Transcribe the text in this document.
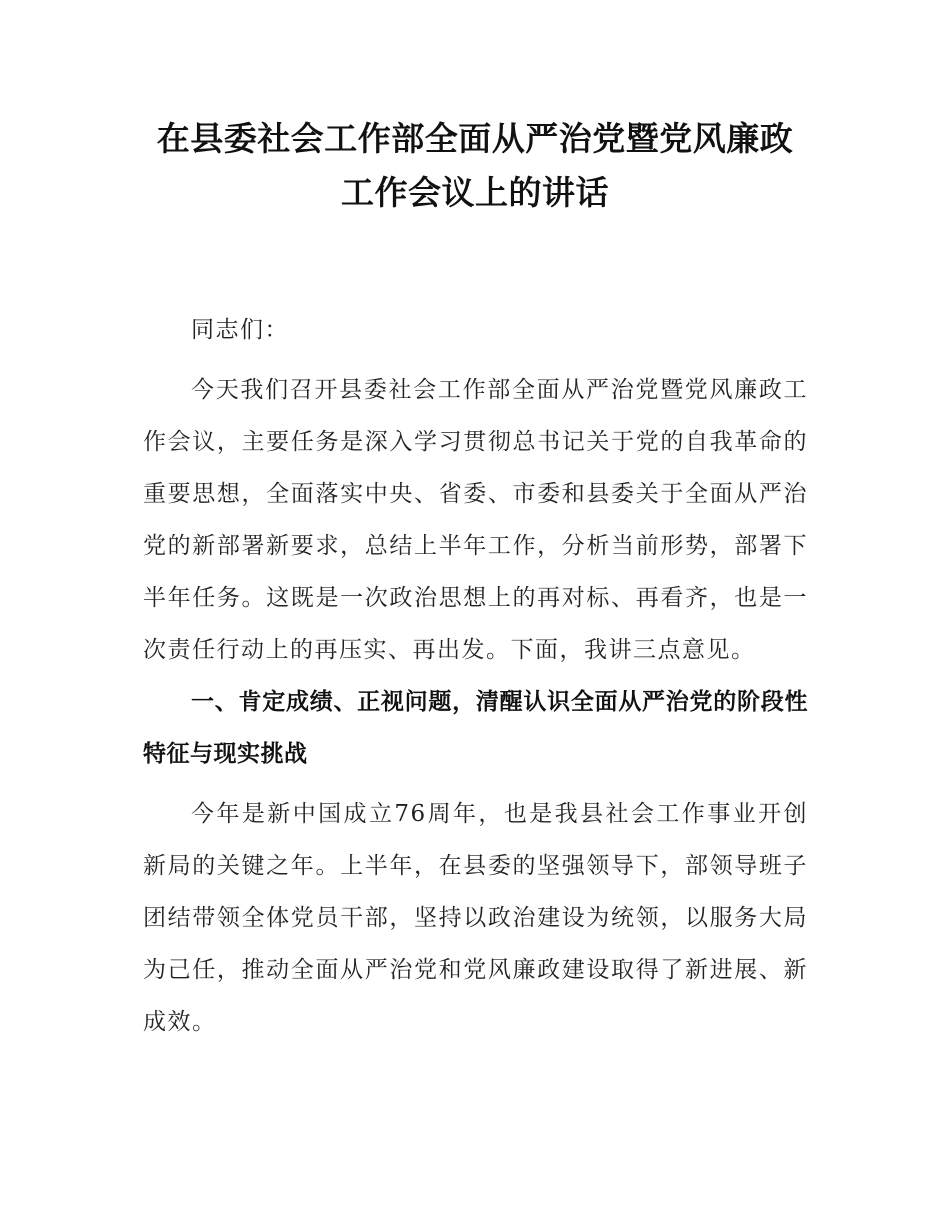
在县委社会工作部全面从严治党暨党风廉政
工作会议上的讲话

同志们：

今天我们召开县委社会工作部全面从严治党暨党风廉政工作会议，主要任务是深入学习贯彻总书记关于党的自我革命的重要思想，全面落实中央、省委、市委和县委关于全面从严治党的新部署新要求，总结上半年工作，分析当前形势，部署下半年任务。这既是一次政治思想上的再对标、再看齐，也是一次责任行动上的再压实、再出发。下面，我讲三点意见。

一、肯定成绩、正视问题，清醒认识全面从严治党的阶段性特征与现实挑战

今年是新中国成立76周年，也是我县社会工作事业开创新局的关键之年。上半年，在县委的坚强领导下，部领导班子团结带领全体党员干部，坚持以政治建设为统领，以服务大局为己任，推动全面从严治党和党风廉政建设取得了新进展、新成效。
